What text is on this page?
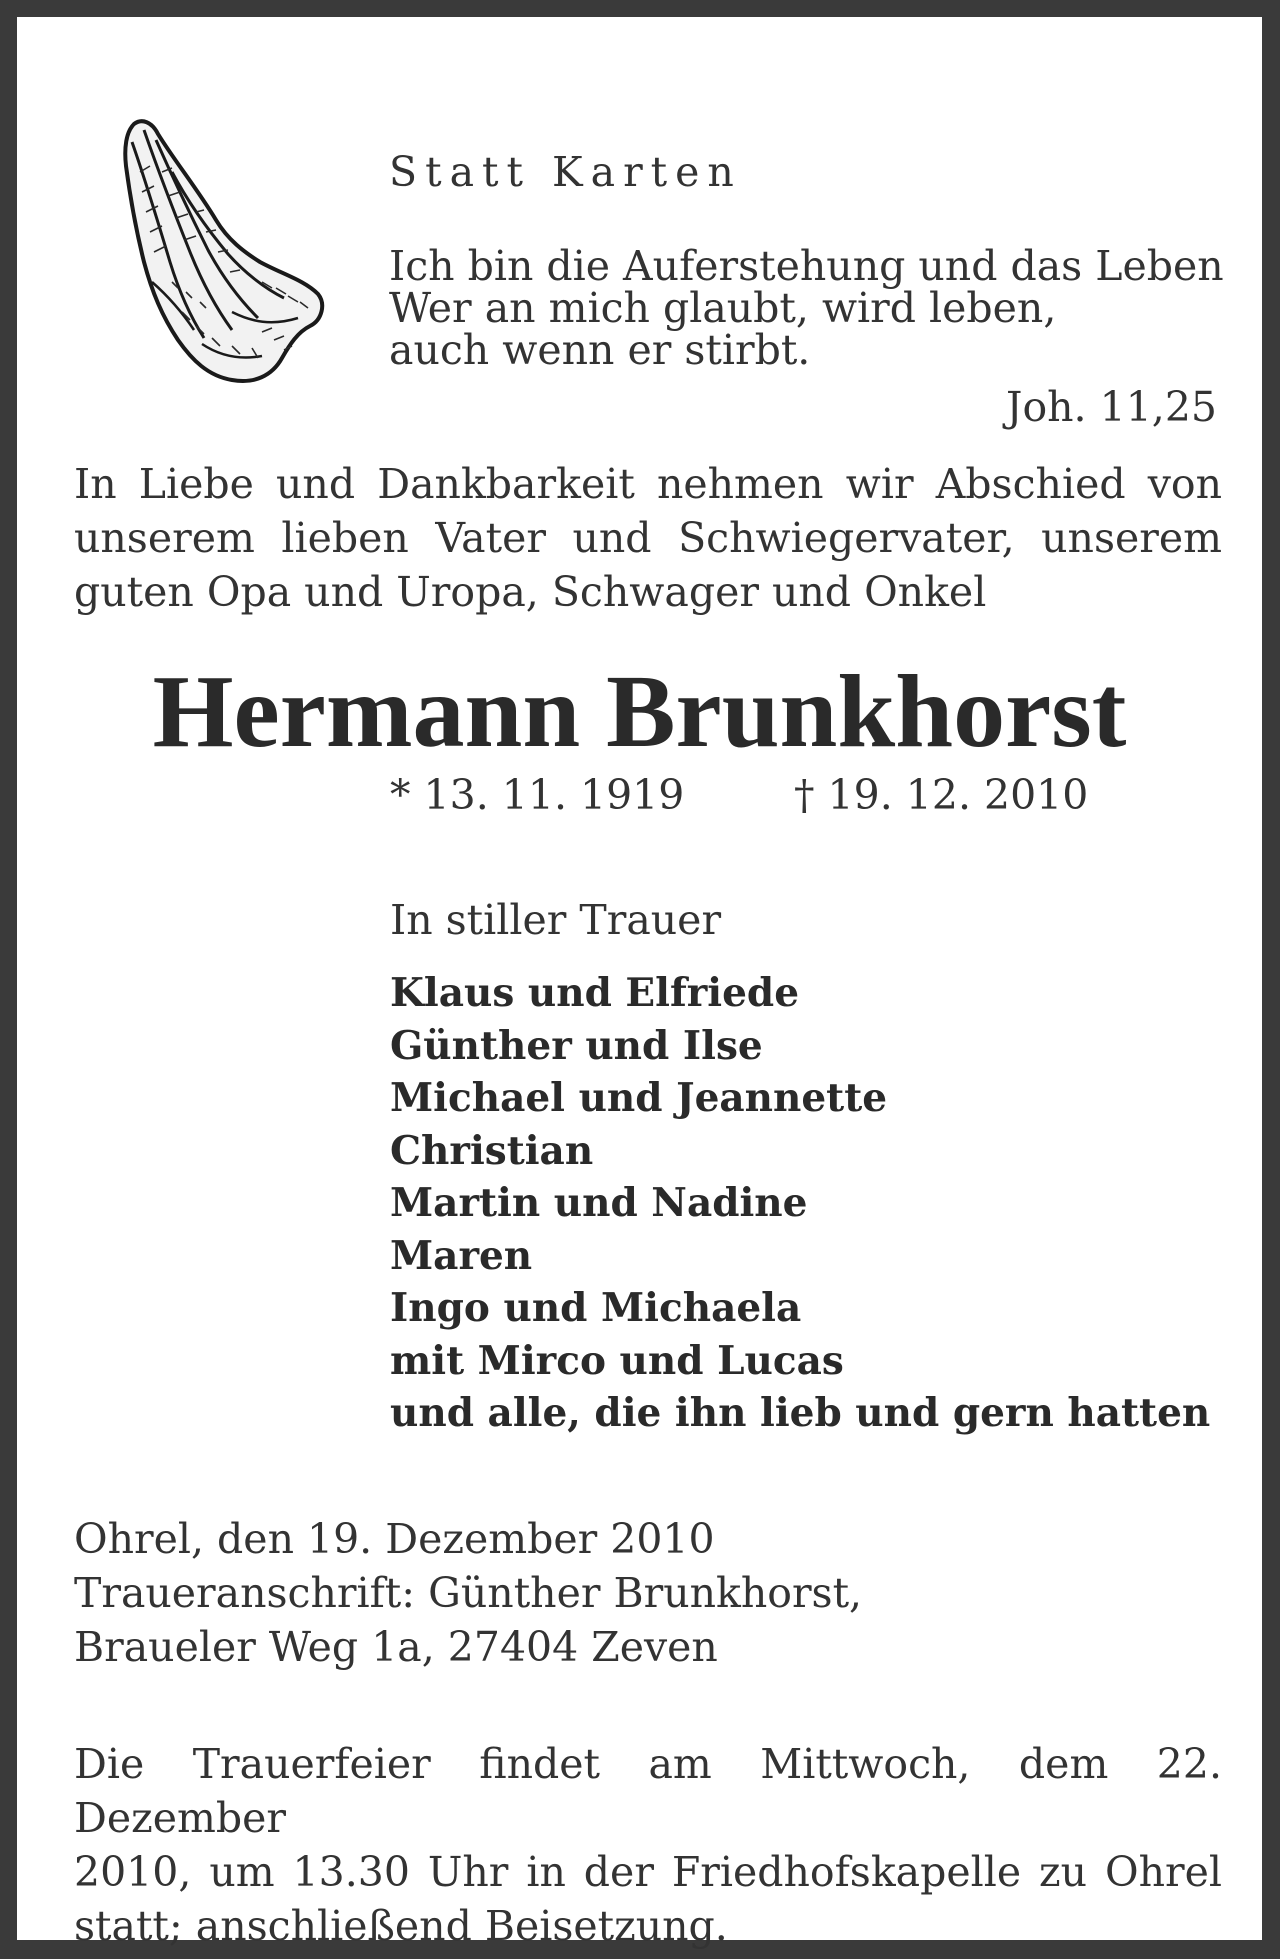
Statt Karten
Ich bin die Auferstehung und das Leben
Wer an mich glaubt, wird leben,
auch wenn er stirbt.
Joh. 11,25
In Liebe und Dankbarkeit nehmen wir Abschied von
unserem lieben Vater und Schwiegervater, unserem
guten Opa und Uropa, Schwager und Onkel
Hermann Brunkhorst
* 13. 11. 1919	† 19. 12. 2010
In stiller Trauer
Klaus und Elfriede
Günther und Ilse
Michael und Jeannette
Christian
Martin und Nadine
Maren
Ingo und Michaela
mit Mirco und Lucas
und alle, die ihn lieb und gern hatten
Ohrel, den 19. Dezember 2010
Traueranschrift: Günther Brunkhorst,
Braueler Weg 1a, 27404 Zeven
Die Trauerfeier findet am Mittwoch, dem 22. Dezember
2010, um 13.30 Uhr in der Friedhofskapelle zu Ohrel
statt; anschließend Beisetzung.
